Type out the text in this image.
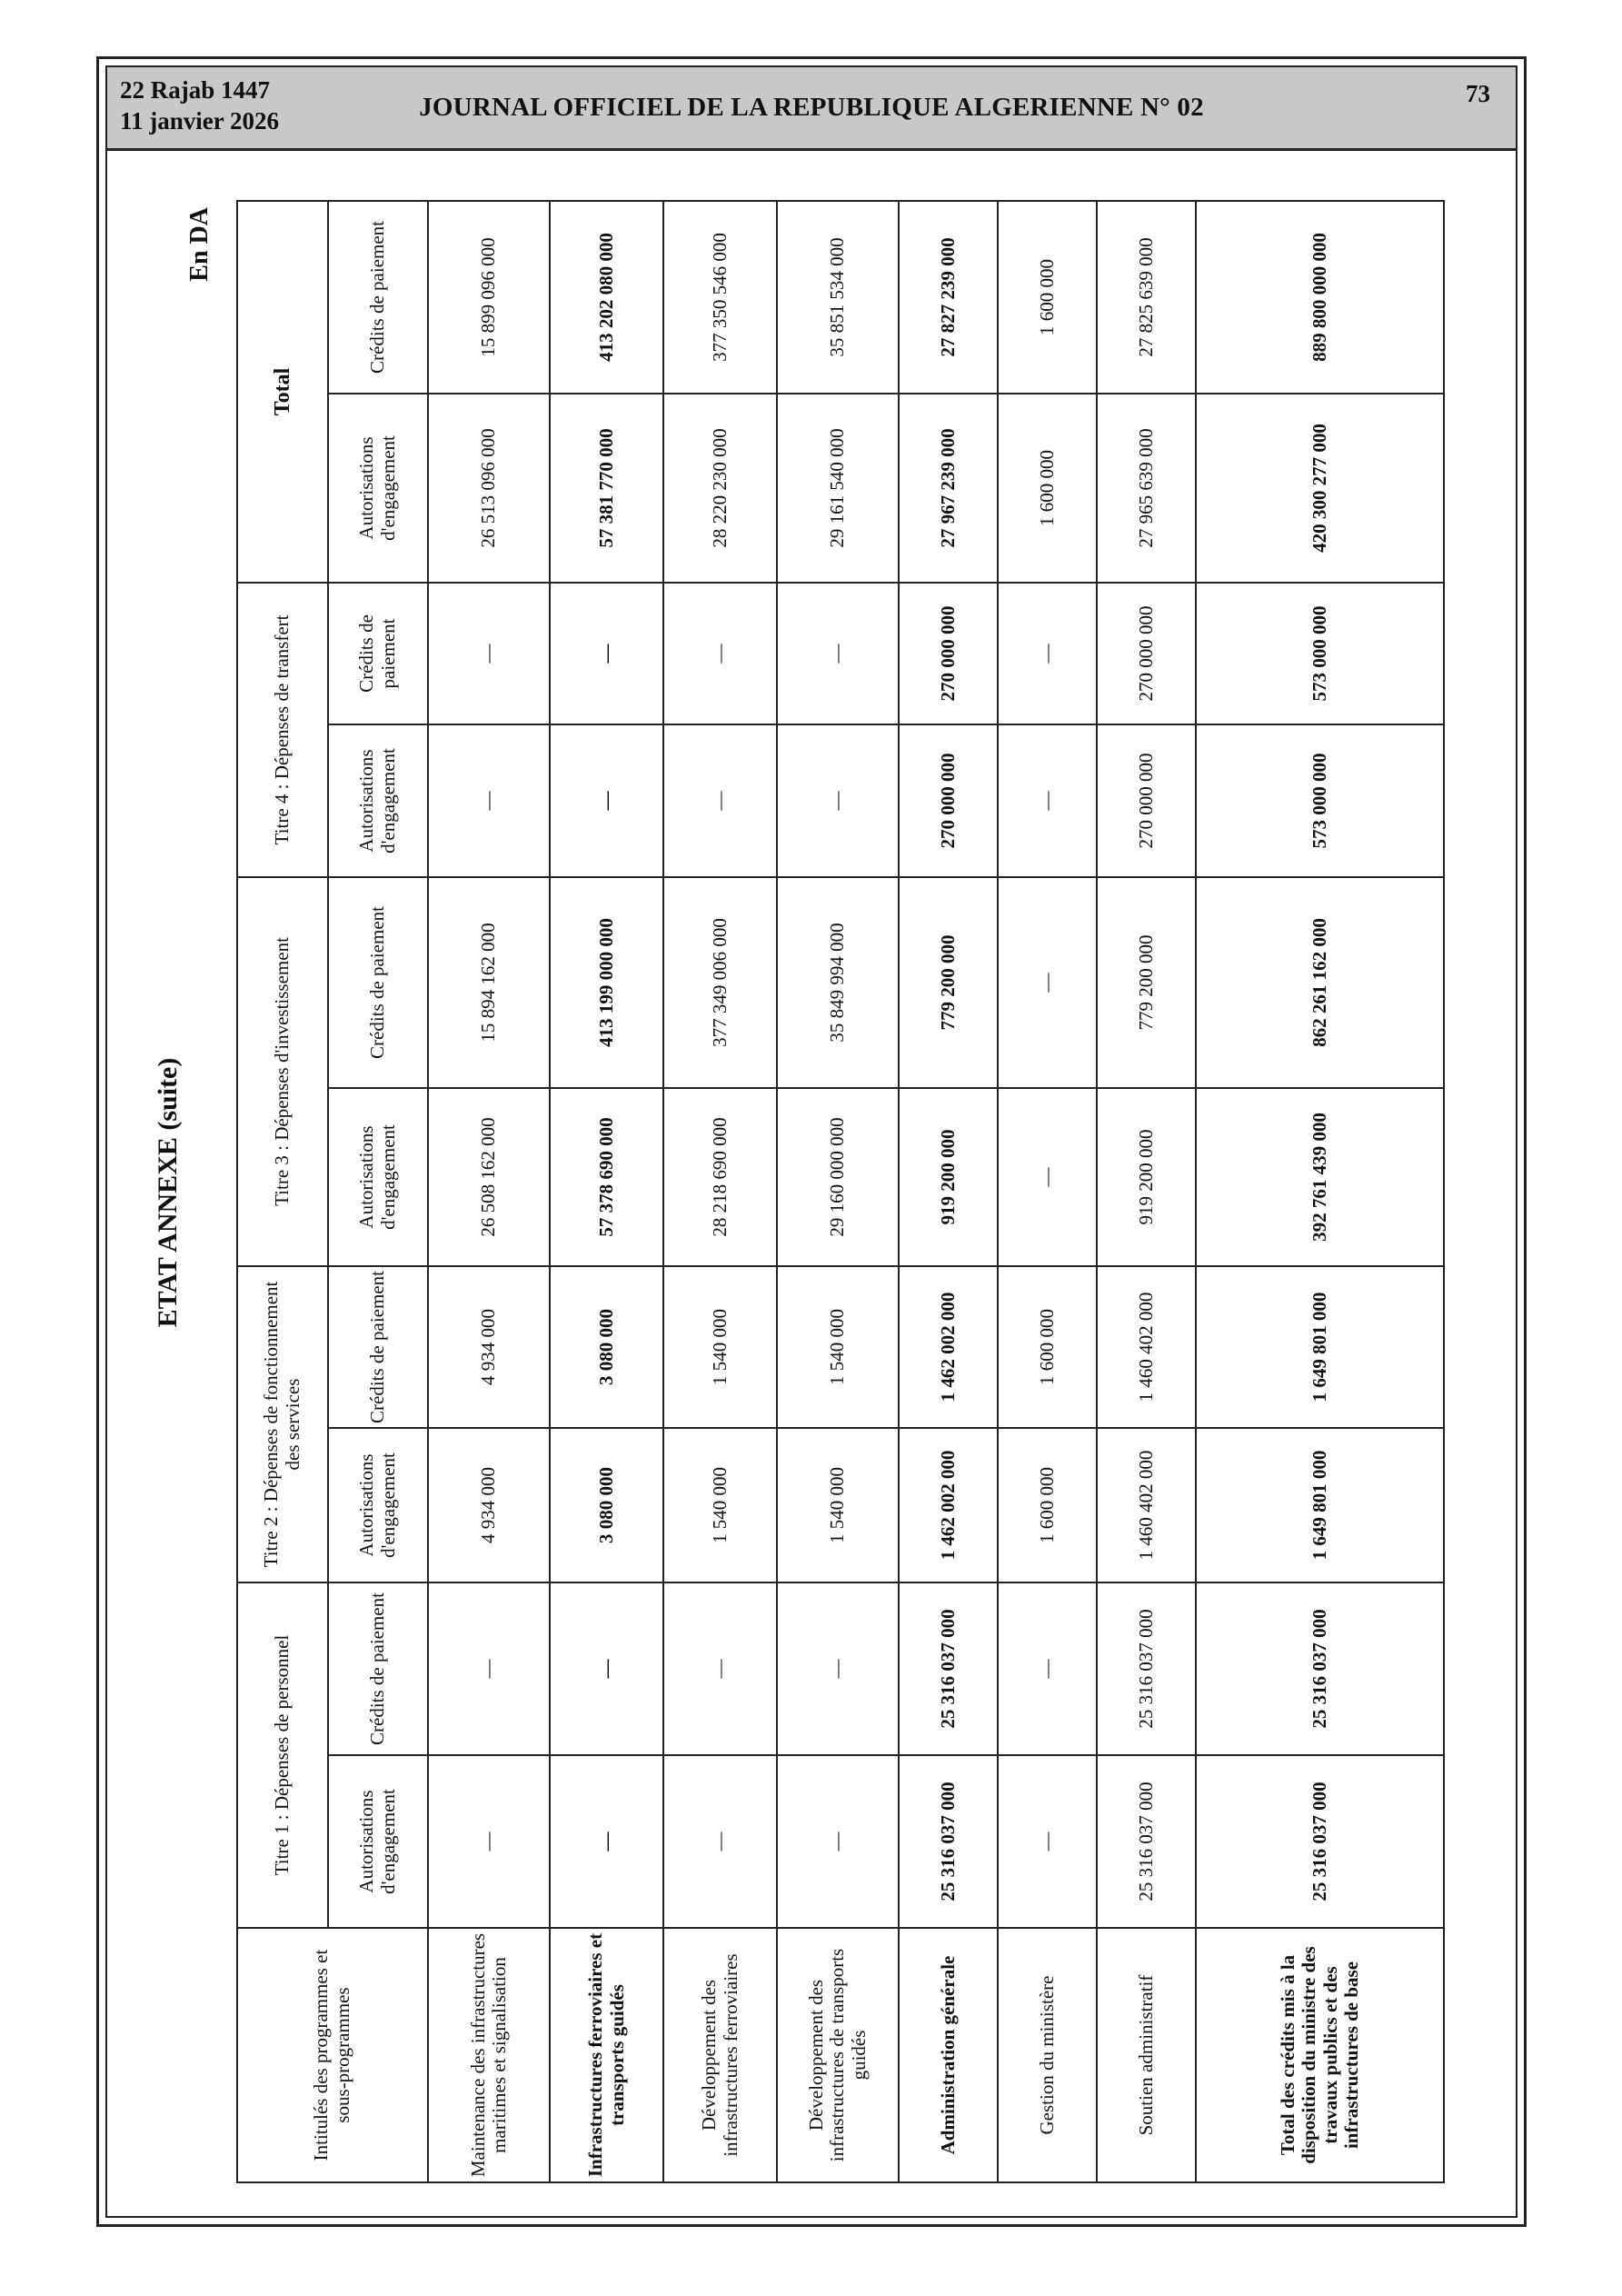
22 Rajab 1447
11 janvier 2026	JOURNAL OFFICIEL DE LA REPUBLIQUE ALGERIENNE N° 02	73
ETAT ANNEXE (suite)
En DA
Intitulés des programmes et sous-programmes	Titre 1 : Dépenses de personnel		Titre 2 : Dépenses de fonctionnement des services		Titre 3 : Dépenses d'investissement		Titre 4 : Dépenses de transfert		Total	
	Autorisations d'engagement	Crédits de paiement	Autorisations d'engagement	Crédits de paiement	Autorisations d'engagement	Crédits de paiement	Autorisations d'engagement	Crédits de paiement	Autorisations d'engagement	Crédits de paiement
Maintenance des infrastructures maritimes et signalisation	—	—	4 934 000	4 934 000	26 508 162 000	15 894 162 000	—	—	26 513 096 000	15 899 096 000
Infrastructures ferroviaires et transports guidés	—	—	3 080 000	3 080 000	57 378 690 000	413 199 000 000	—	—	57 381 770 000	413 202 080 000
Développement des infrastructures ferroviaires	—	—	1 540 000	1 540 000	28 218 690 000	377 349 006 000	—	—	28 220 230 000	377 350 546 000
Développement des infrastructures de transports guidés	—	—	1 540 000	1 540 000	29 160 000 000	35 849 994 000	—	—	29 161 540 000	35 851 534 000
Administration générale	25 316 037 000	25 316 037 000	1 462 002 000	1 462 002 000	919 200 000	779 200 000	270 000 000	270 000 000	27 967 239 000	27 827 239 000
Gestion du ministère	—	—	1 600 000	1 600 000	—	—	—	—	1 600 000	1 600 000
Soutien administratif	25 316 037 000	25 316 037 000	1 460 402 000	1 460 402 000	919 200 000	779 200 000	270 000 000	270 000 000	27 965 639 000	27 825 639 000
Total des crédits mis à la disposition du ministre des travaux publics et des infrastructures de base	25 316 037 000	25 316 037 000	1 649 801 000	1 649 801 000	392 761 439 000	862 261 162 000	573 000 000	573 000 000	420 300 277 000	889 800 000 000
